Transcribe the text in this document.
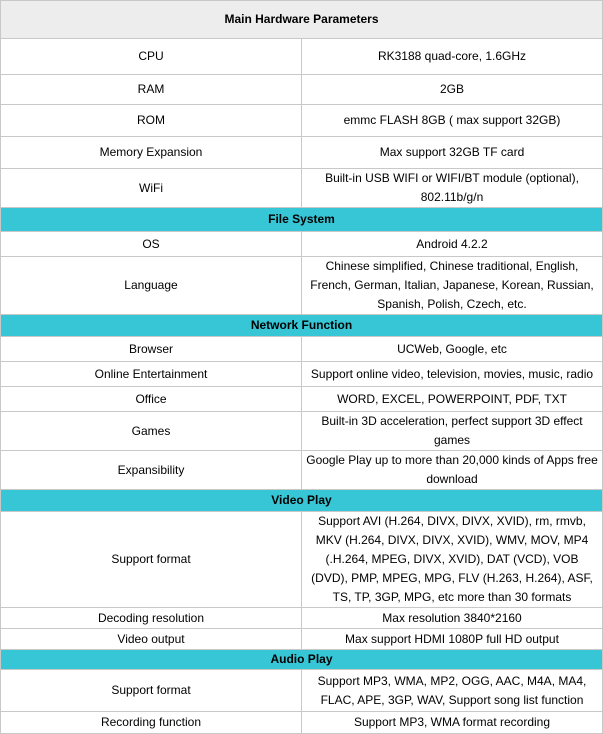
Main Hardware Parameters	
CPU	RK3188 quad-core, 1.6GHz
RAM	2GB
ROM	emmc FLASH 8GB ( max support 32GB)
Memory Expansion	Max support 32GB TF card
WiFi	Built-in USB WIFI or WIFI/BT module (optional), 802.11b/g/n
File System	
OS	Android 4.2.2
Language	Chinese simplified, Chinese traditional, English, French, German, Italian, Japanese, Korean, Russian, Spanish, Polish, Czech, etc.
Network Function	
Browser	UCWeb, Google, etc
Online Entertainment	Support online video, television, movies, music, radio
Office	WORD, EXCEL, POWERPOINT, PDF, TXT
Games	Built-in 3D acceleration, perfect support 3D effect games
Expansibility	Google Play up to more than 20,000 kinds of Apps free download
Video Play	
Support format	Support AVI (H.264, DIVX, DIVX, XVID), rm, rmvb, MKV (H.264, DIVX, DIVX, XVID), WMV, MOV, MP4 (.H.264, MPEG, DIVX, XVID), DAT (VCD), VOB (DVD), PMP, MPEG, MPG, FLV (H.263, H.264), ASF, TS, TP, 3GP, MPG, etc more than 30 formats
Decoding resolution	Max resolution 3840*2160
Video output	Max support HDMI 1080P full HD output
Audio Play	
Support format	Support MP3, WMA, MP2, OGG, AAC, M4A, MA4, FLAC, APE, 3GP, WAV, Support song list function
Recording function	Support MP3, WMA format recording
